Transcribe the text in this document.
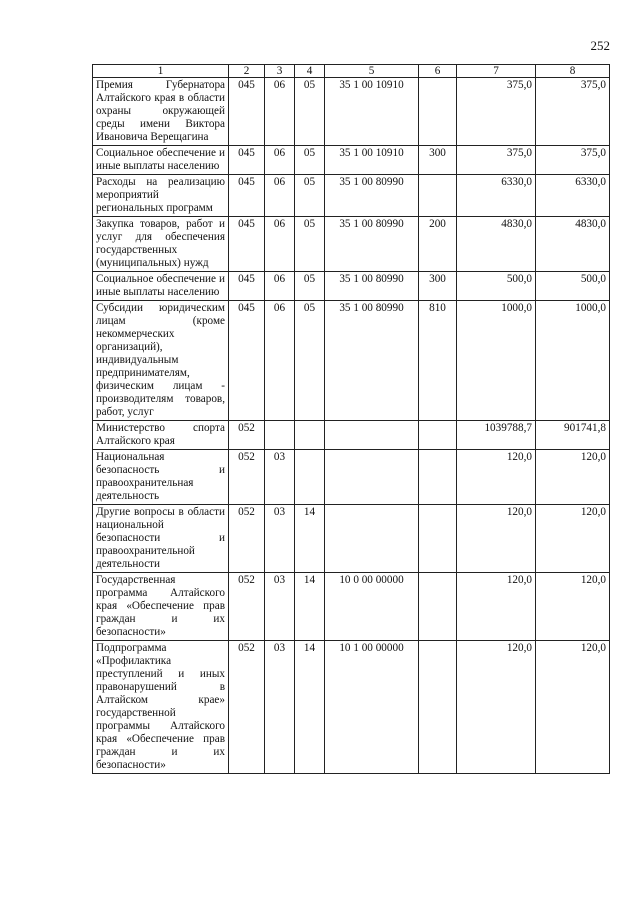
252
1	2	3	4	5	6	7	8
Премия Губернатора Алтайского края в области охраны окружающей среды имени Виктора Ивановича Верещагина	045	06	05	35 1 00 10910		375,0	375,0
Социальное обеспечение и иные выплаты населению	045	06	05	35 1 00 10910	300	375,0	375,0
Расходы на реализацию мероприятий региональных программ	045	06	05	35 1 00 80990		6330,0	6330,0
Закупка товаров, работ и услуг для обеспечения государственных (муниципальных) нужд	045	06	05	35 1 00 80990	200	4830,0	4830,0
Социальное обеспечение и иные выплаты населению	045	06	05	35 1 00 80990	300	500,0	500,0
Субсидии юридическим лицам (кроме некоммерческих организаций), индивидуальным предпринимателям, физическим лицам - производителям товаров, работ, услуг	045	06	05	35 1 00 80990	810	1000,0	1000,0
Министерство спорта Алтайского края	052					1039788,7	901741,8
Национальная безопасность и правоохранительная деятельность	052	03				120,0	120,0
Другие вопросы в области национальной безопасности и правоохранительной деятельности	052	03	14			120,0	120,0
Государственная программа Алтайского края «Обеспечение прав граждан и их безопасности»	052	03	14	10 0 00 00000		120,0	120,0
Подпрограмма «Профилактика преступлений и иных правонарушений в Алтайском крае» государственной программы Алтайского края «Обеспечение прав граждан и их безопасности»	052	03	14	10 1 00 00000		120,0	120,0
